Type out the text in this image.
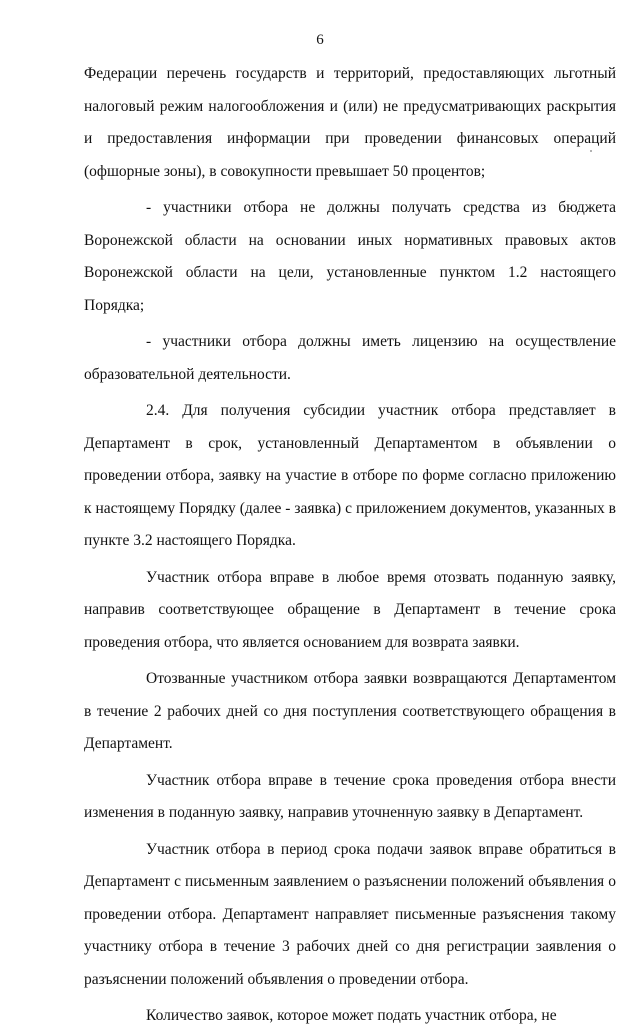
6

Федерации перечень государств и территорий, предоставляющих льготный налоговый режим налогообложения и (или) не предусматривающих раскрытия и предоставления информации при проведении финансовых операций (офшорные зоны), в совокупности превышает 50 процентов;

- участники отбора не должны получать средства из бюджета Воронежской области на основании иных нормативных правовых актов Воронежской области на цели, установленные пунктом 1.2 настоящего Порядка;

- участники отбора должны иметь лицензию на осуществление образовательной деятельности.

2.4. Для получения субсидии участник отбора представляет в Департамент в срок, установленный Департаментом в объявлении о проведении отбора, заявку на участие в отборе по форме согласно приложению к настоящему Порядку (далее - заявка) с приложением документов, указанных в пункте 3.2 настоящего Порядка.

Участник отбора вправе в любое время отозвать поданную заявку, направив соответствующее обращение в Департамент в течение срока проведения отбора, что является основанием для возврата заявки.

Отозванные участником отбора заявки возвращаются Департаментом в течение 2 рабочих дней со дня поступления соответствующего обращения в Департамент.

Участник отбора вправе в течение срока проведения отбора внести изменения в поданную заявку, направив уточненную заявку в Департамент.

Участник отбора в период срока подачи заявок вправе обратиться в Департамент с письменным заявлением о разъяснении положений объявления о проведении отбора. Департамент направляет письменные разъяснения такому участнику отбора в течение 3 рабочих дней со дня регистрации заявления о разъяснении положений объявления о проведении отбора.

Количество заявок, которое может подать участник отбора, не
